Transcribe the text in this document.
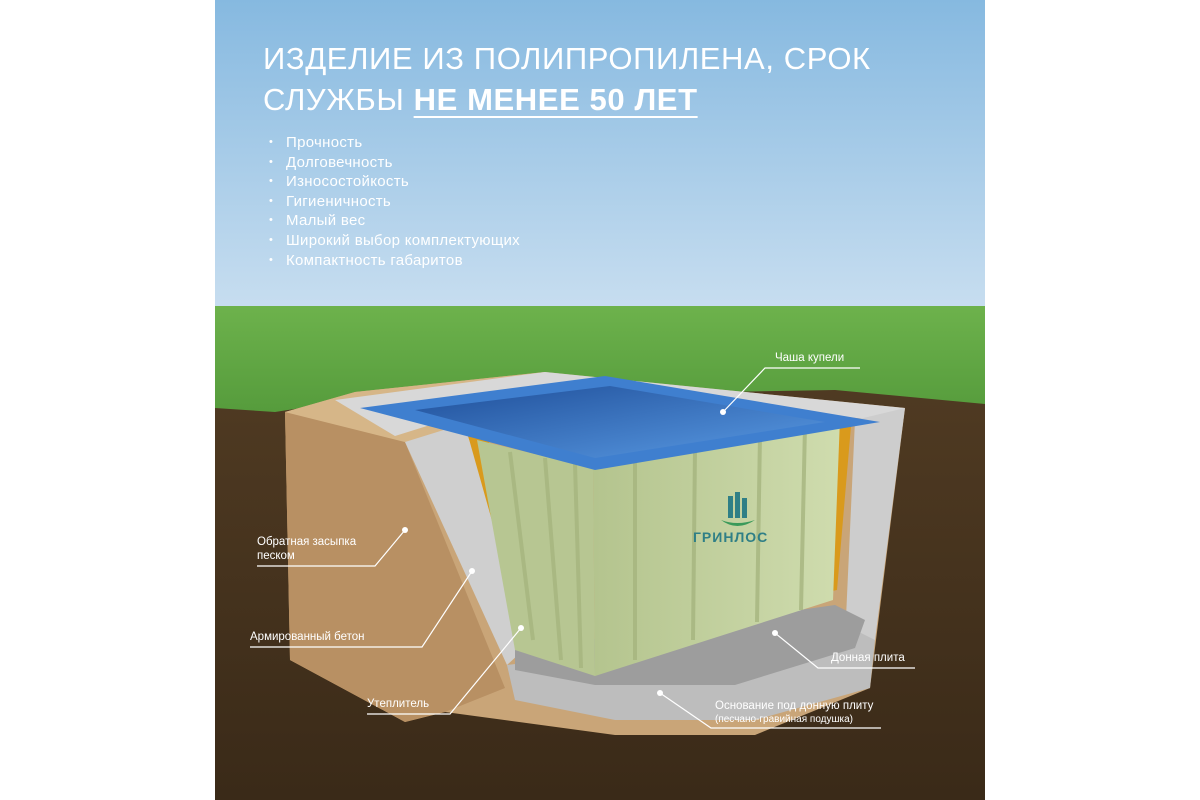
ГРИНЛОС
Чаша купели
Обратная засыпка
песком
Армированный бетон
Утеплитель
Донная плита
Основание под донную плиту
(песчано-гравийная подушка)
ИЗДЕЛИЕ ИЗ ПОЛИПРОПИЛЕНА, СРОК
СЛУЖБЫ НЕ МЕНЕЕ 50 ЛЕТ
• Прочность
• Долговечность
• Износостойкость
• Гигиеничность
• Малый вес
• Широкий выбор комплектующих
• Компактность габаритов
